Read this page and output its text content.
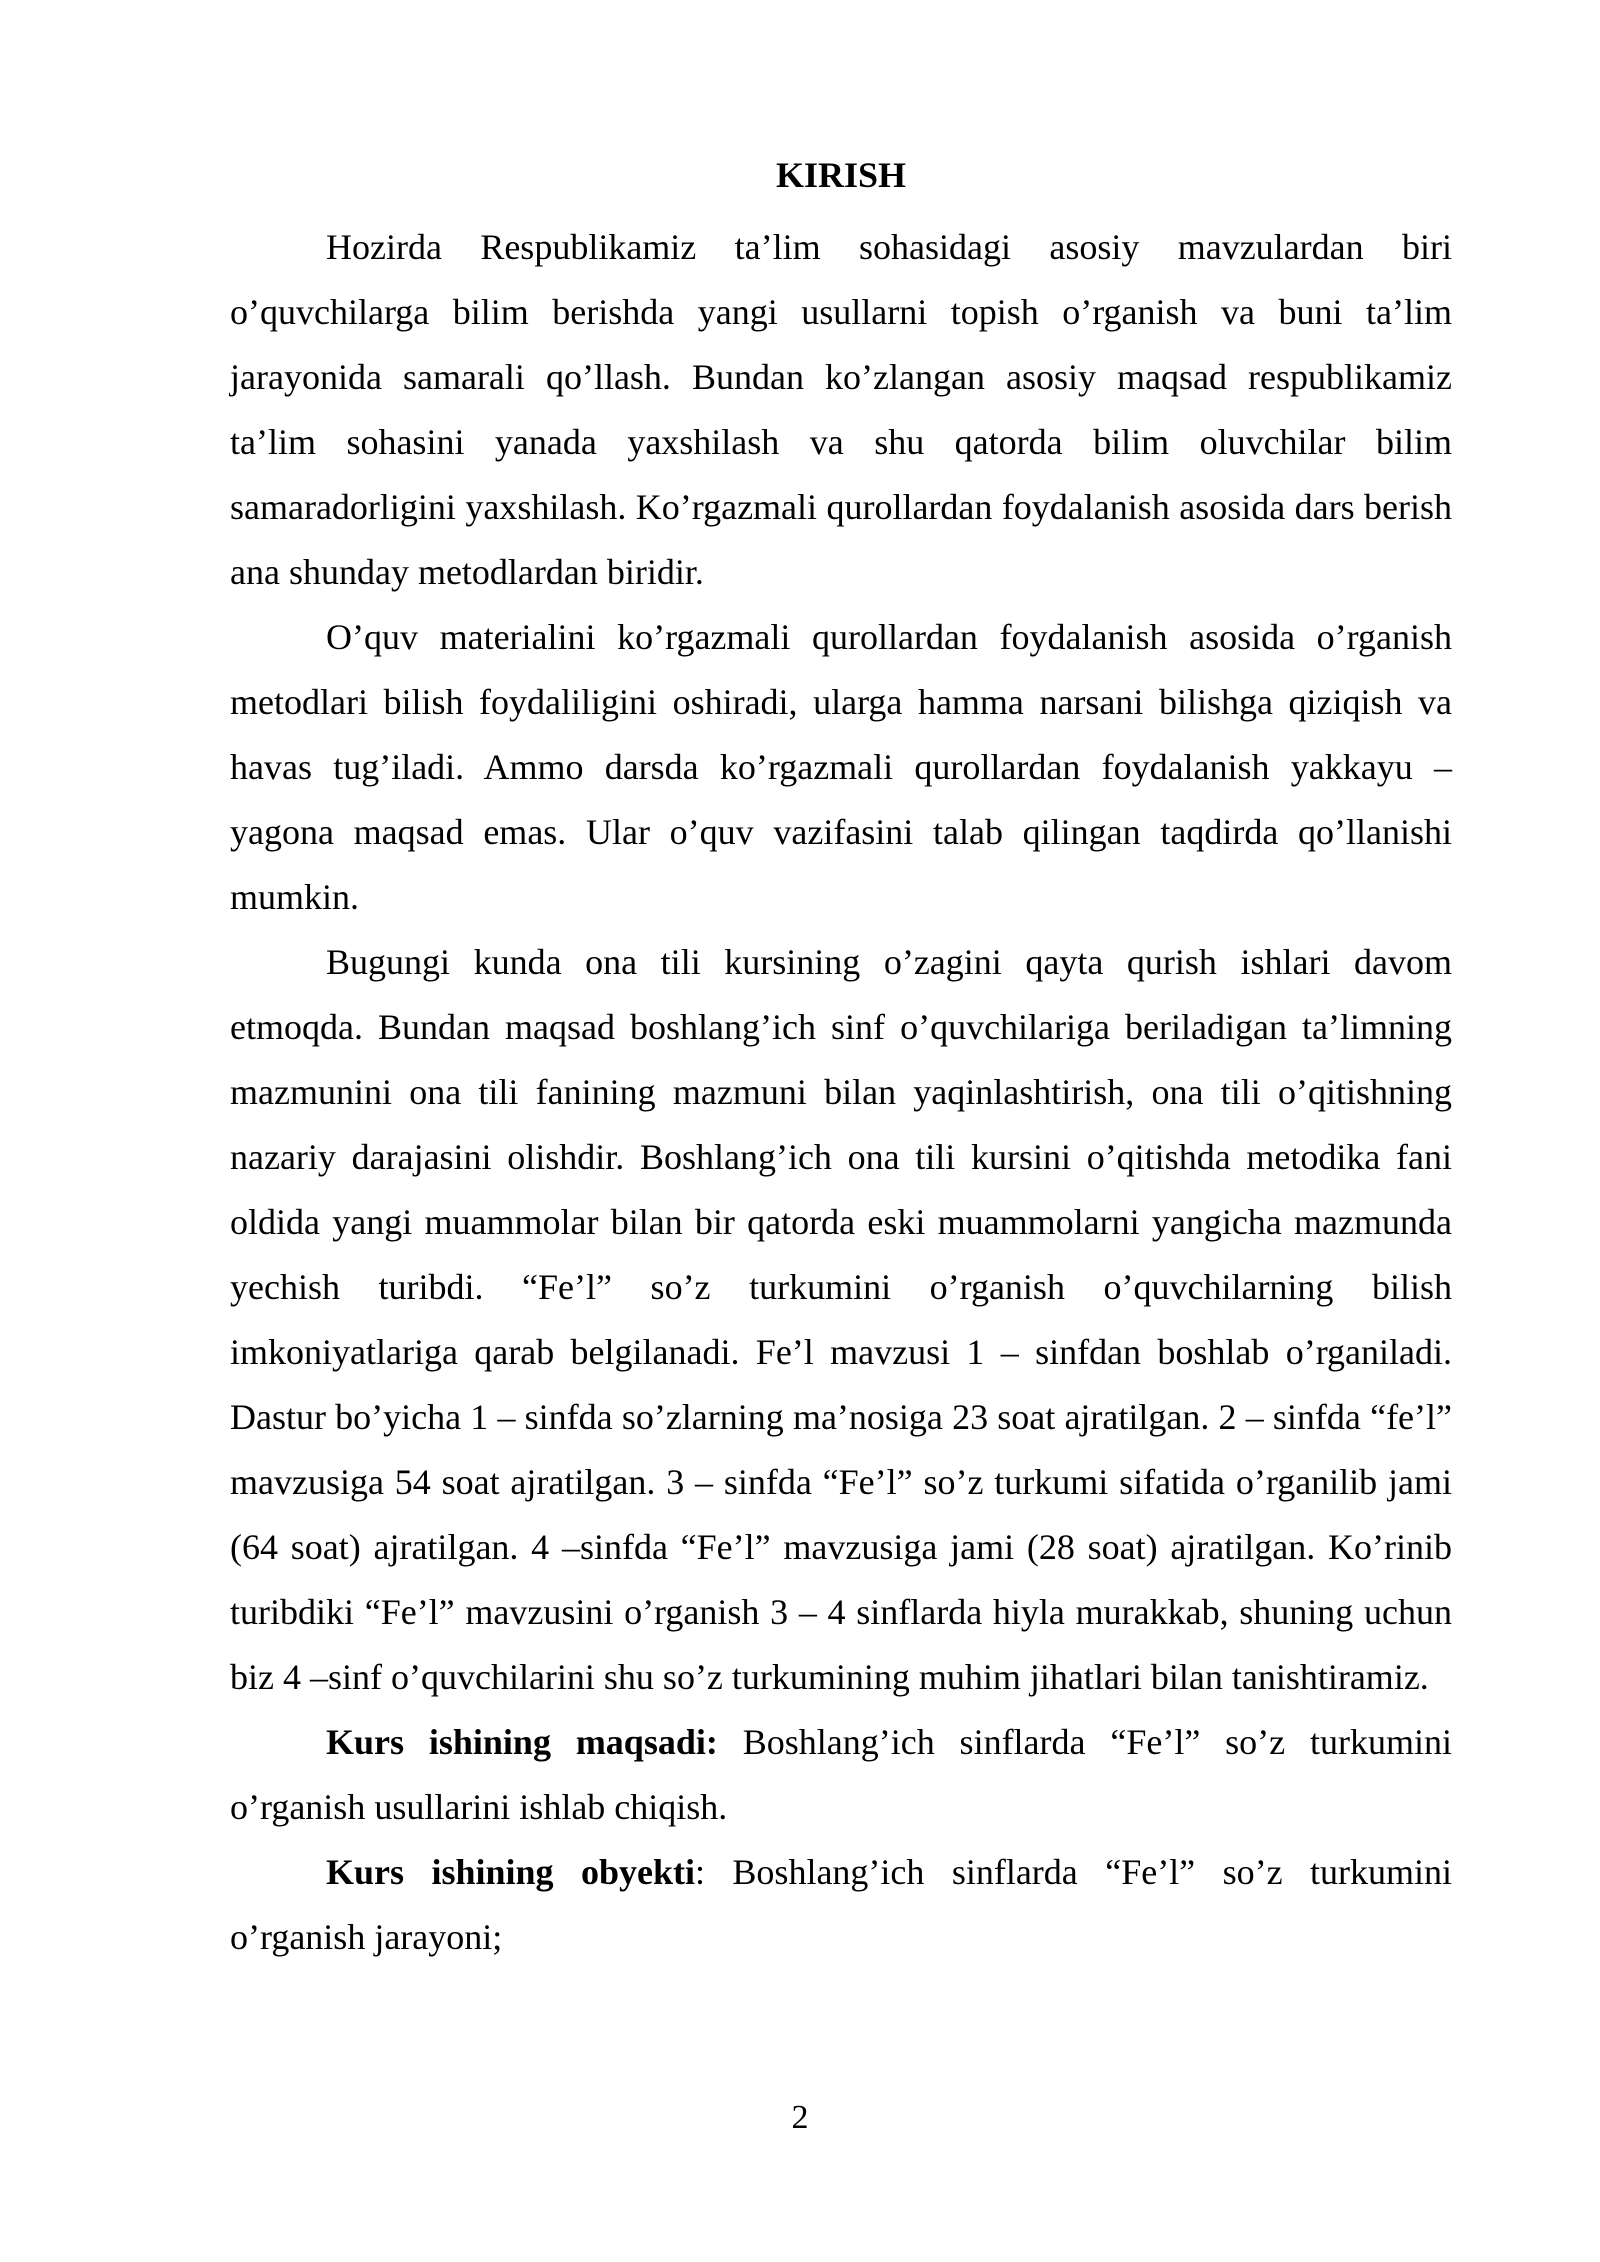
KIRISH

Hozirda Respublikamiz ta’lim sohasidagi asosiy mavzulardan biri o’quvchilarga bilim berishda yangi usullarni topish o’rganish va buni ta’lim jarayonida samarali qo’llash. Bundan ko’zlangan asosiy maqsad respublikamiz ta’lim sohasini yanada yaxshilash va shu qatorda bilim oluvchilar bilim samaradorligini yaxshilash. Ko’rgazmali qurollardan foydalanish asosida dars berish ana shunday metodlardan biridir.

O’quv materialini ko’rgazmali qurollardan foydalanish asosida o’rganish metodlari bilish foydaliligini oshiradi, ularga hamma narsani bilishga qiziqish va havas tug’iladi. Ammo darsda ko’rgazmali qurollardan foydalanish yakkayu – yagona maqsad emas. Ular o’quv vazifasini talab qilingan taqdirda qo’llanishi mumkin.

Bugungi kunda ona tili kursining o’zagini qayta qurish ishlari davom etmoqda. Bundan maqsad boshlang’ich sinf o’quvchilariga beriladigan ta’limning mazmunini ona tili fanining mazmuni bilan yaqinlashtirish, ona tili o’qitishning nazariy darajasini olishdir. Boshlang’ich ona tili kursini o’qitishda metodika fani oldida yangi muammolar bilan bir qatorda eski muammolarni yangicha mazmunda yechish turibdi. “Fe’l” so’z turkumini o’rganish o’quvchilarning bilish imkoniyatlariga qarab belgilanadi. Fe’l mavzusi 1 – sinfdan boshlab o’rganiladi. Dastur bo’yicha 1 – sinfda so’zlarning ma’nosiga 23 soat ajratilgan. 2 – sinfda “fe’l” mavzusiga 54 soat ajratilgan. 3 – sinfda “Fe’l” so’z turkumi sifatida o’rganilib jami (64 soat) ajratilgan. 4 –sinfda “Fe’l” mavzusiga jami (28 soat) ajratilgan. Ko’rinib turibdiki “Fe’l” mavzusini o’rganish 3 – 4 sinflarda hiyla murakkab, shuning uchun biz 4 –sinf o’quvchilarini shu so’z turkumining muhim jihatlari bilan tanishtiramiz.

Kurs ishining maqsadi: Boshlang’ich sinflarda “Fe’l” so’z turkumini o’rganish usullarini ishlab chiqish.

Kurs ishining obyekti: Boshlang’ich sinflarda “Fe’l” so’z turkumini o’rganish jarayoni;

2
